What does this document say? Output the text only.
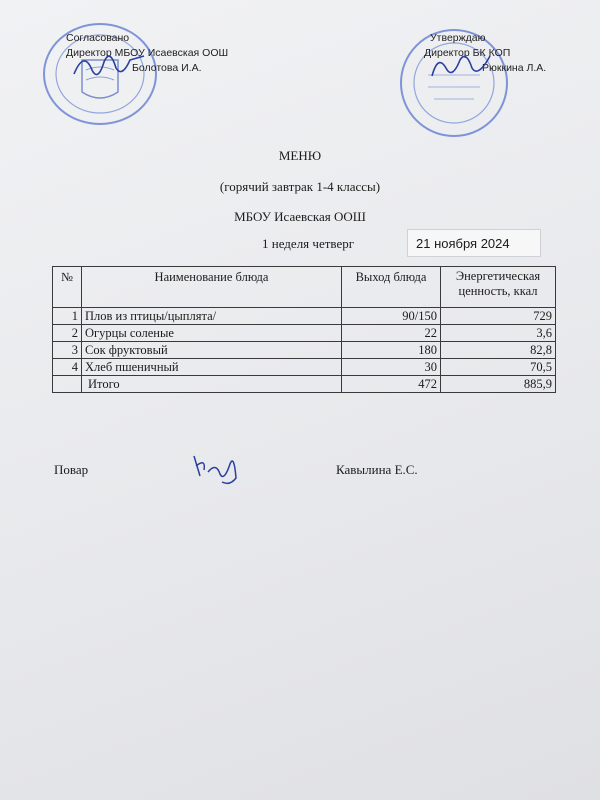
Согласовано
Директор МБОУ Исаевская ООШ
Болотова И.А.
Утверждаю
Директор БК КОП
Рюккина Л.А.
МЕНЮ
(горячий завтрак 1-4 классы)
МБОУ Исаевская ООШ
1 неделя четверг	21 ноября 2024
№	Наименование блюда	Выход блюда	Энергетическая ценность, ккал
1	Плов из птицы/цыплята/	90/150	729
2	Огурцы соленые	22	3,6
3	Сок фруктовый	180	82,8
4	Хлеб пшеничный	30	70,5
	Итого	472	885,9
Повар	Кавылина Е.С.
